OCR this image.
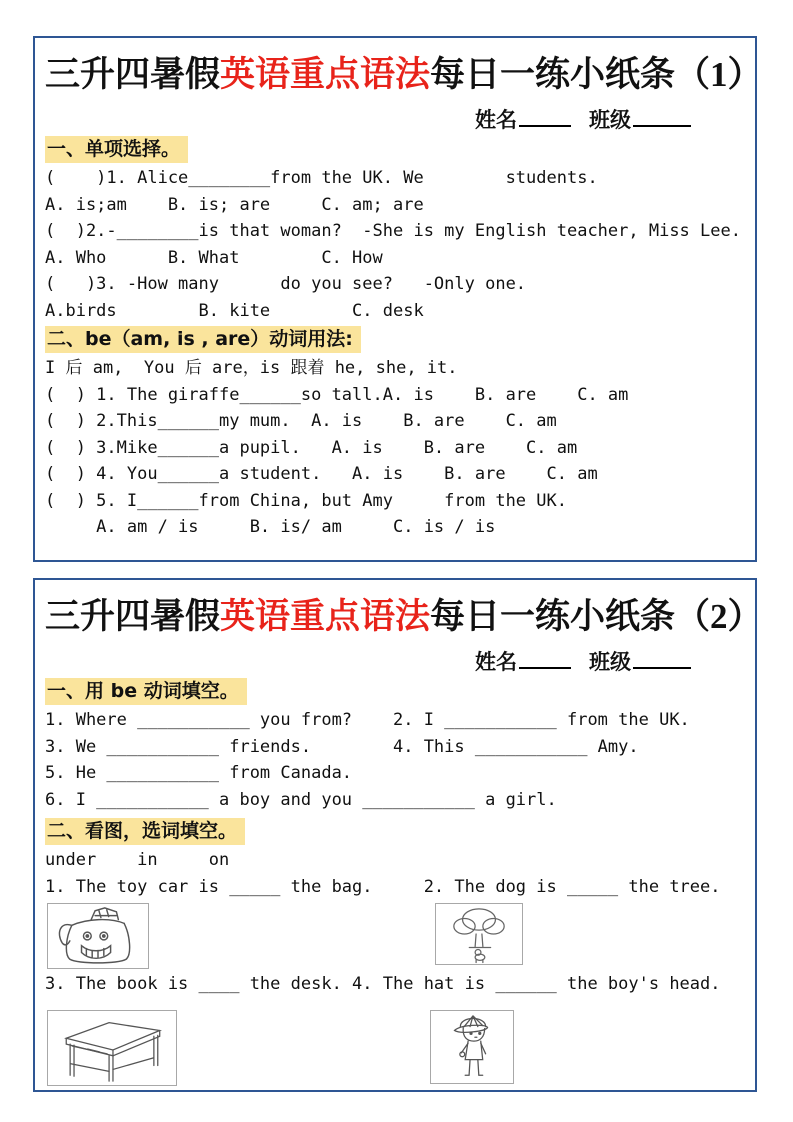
三升四暑假英语重点语法每日一练小纸条（1）
姓名	班级
一、单项选择。
(    )1. Alice________from the UK. We        students.
A. is;am    B. is; are     C. am; are
(  )2.-________is that woman?  -She is my English teacher, Miss Lee.
A. Who      B. What        C. How
(   )3. -How many      do you see?   -Only one.
A.birds        B. kite        C. desk
二、be（am, is , are）动词用法:
I 后 am,  You 后 are，is 跟着 he, she, it.
(  ) 1. The giraffe______so tall.A. is    B. are    C. am
(  ) 2.This______my mum.  A. is    B. are    C. am
(  ) 3.Mike______a pupil.   A. is    B. are    C. am
(  ) 4. You______a student.   A. is    B. are    C. am
(  ) 5. I______from China, but Amy     from the UK.
A. am / is     B. is/ am     C. is / is
三升四暑假英语重点语法每日一练小纸条（2）
姓名	班级
一、用 be 动词填空。
1. Where ___________ you from?    2. I ___________ from the UK.
3. We ___________ friends.        4. This ___________ Amy.
5. He ___________ from Canada.
6. I ___________ a boy and you ___________ a girl.
二、看图，选词填空。
under    in     on
1. The toy car is _____ the bag.     2. The dog is _____ the tree.
3. The book is ____ the desk. 4. The hat is ______ the boy's head.
